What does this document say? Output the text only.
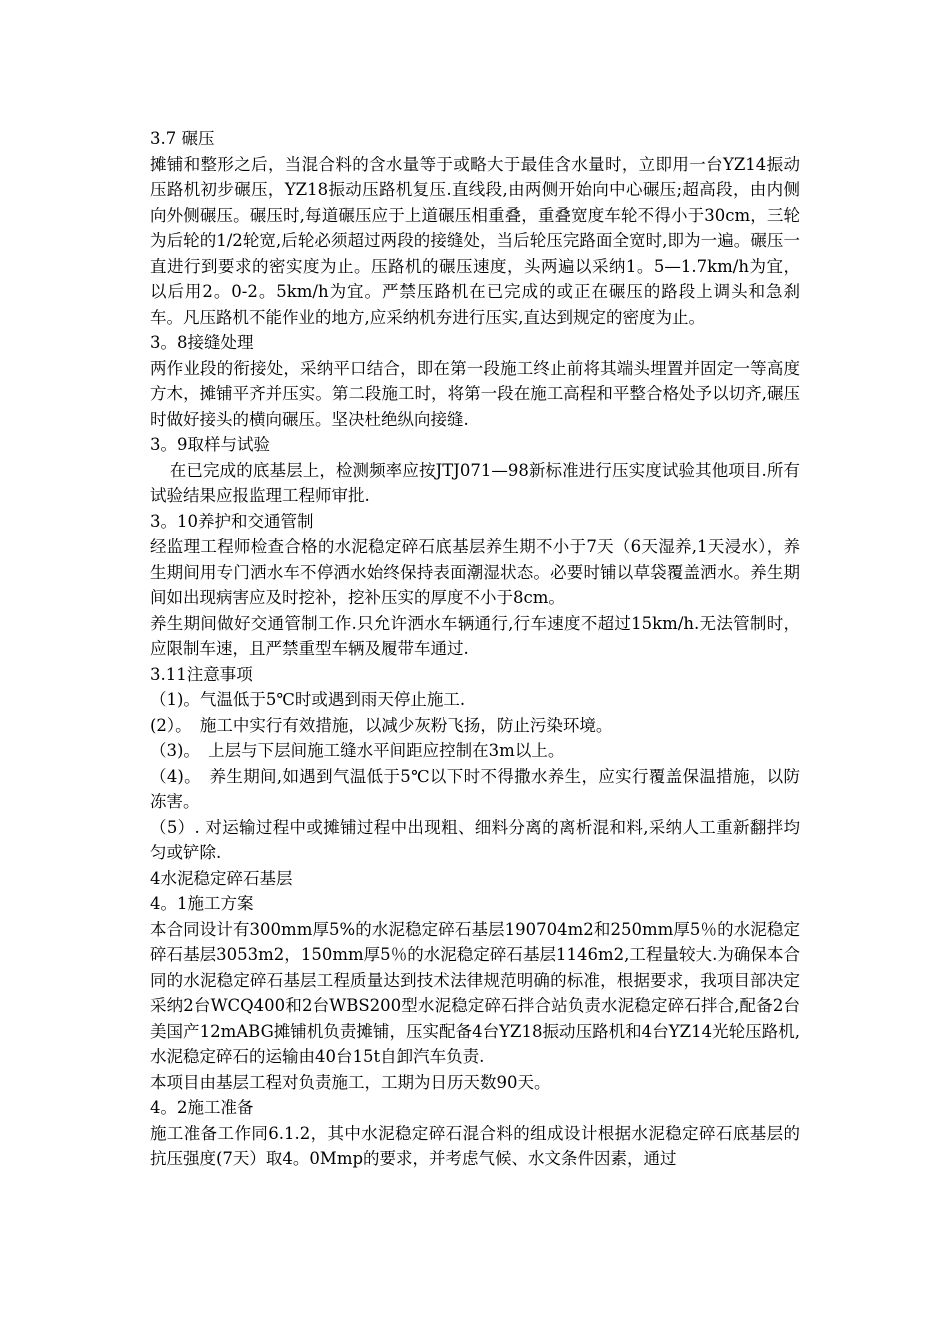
3.7 碾压

摊铺和整形之后，当混合料的含水量等于或略大于最佳含水量时，立即用一台YZ14振动压路机初步碾压，YZ18振动压路机复压.直线段,由两侧开始向中心碾压;超高段，由内侧向外侧碾压。碾压时,每道碾压应于上道碾压相重叠，重叠宽度车轮不得小于30cm，三轮为后轮的1/2轮宽,后轮必须超过两段的接缝处，当后轮压完路面全宽时,即为一遍。碾压一直进行到要求的密实度为止。压路机的碾压速度，头两遍以采纳1。5—1.7km/h为宜，以后用2。0-2。5km/h为宜。严禁压路机在已完成的或正在碾压的路段上调头和急刹车。凡压路机不能作业的地方,应采纳机夯进行压实,直达到规定的密度为止。

3。8接缝处理

两作业段的衔接处，采纳平口结合，即在第一段施工终止前将其端头埋置并固定一等高度方木，摊铺平齐并压实。第二段施工时，将第一段在施工高程和平整合格处予以切齐,碾压时做好接头的横向碾压。坚决杜绝纵向接缝.

3。9取样与试验

在已完成的底基层上，检测频率应按JTJ071—98新标准进行压实度试验其他项目.所有试验结果应报监理工程师审批.

3。10养护和交通管制

经监理工程师检查合格的水泥稳定碎石底基层养生期不小于7天（6天湿养,1天浸水），养生期间用专门洒水车不停洒水始终保持表面潮湿状态。必要时铺以草袋覆盖洒水。养生期间如出现病害应及时挖补，挖补压实的厚度不小于8cm。

养生期间做好交通管制工作.只允许洒水车辆通行,行车速度不超过15km/h.无法管制时，应限制车速，且严禁重型车辆及履带车通过.

3.11注意事项

（1)。气温低于5℃时或遇到雨天停止施工.

(2）。　施工中实行有效措施，以减少灰粉飞扬，防止污染环境。

（3)。　上层与下层间施工缝水平间距应控制在3m以上。

（4)。　养生期间,如遇到气温低于5℃以下时不得撒水养生，应实行覆盖保温措施，以防冻害。

（5）. 对运输过程中或摊铺过程中出现粗、细料分离的离析混和料,采纳人工重新翻拌均匀或铲除.

4水泥稳定碎石基层

4。1施工方案

本合同设计有300mm厚5%的水泥稳定碎石基层190704m2和250mm厚5％的水泥稳定碎石基层3053m2，150mm厚5％的水泥稳定碎石基层1146m2,工程量较大.为确保本合同的水泥稳定碎石基层工程质量达到技术法律规范明确的标准，根据要求，我项目部决定采纳2台WCQ400和2台WBS200型水泥稳定碎石拌合站负责水泥稳定碎石拌合,配备2台美国产12mABG摊铺机负责摊铺，压实配备4台YZ18振动压路机和4台YZ14光轮压路机,水泥稳定碎石的运输由40台15t自卸汽车负责.

本项目由基层工程对负责施工，工期为日历天数90天。

4。2施工准备

施工准备工作同6.1.2，其中水泥稳定碎石混合料的组成设计根据水泥稳定碎石底基层的抗压强度(7天）取4。0Mmp的要求，并考虑气候、水文条件因素，通过
